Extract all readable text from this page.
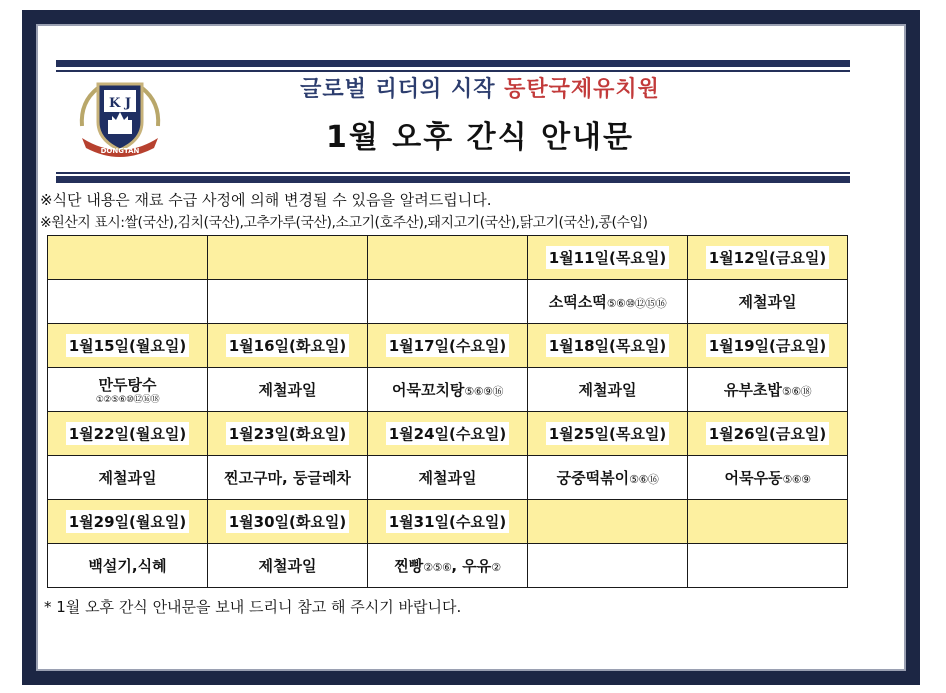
K J
DONGTAN
글로벌 리더의 시작 동탄국제유치원
1월 오후 간식 안내문
※식단 내용은 재료 수급 사정에 의해 변경될 수 있음을 알려드립니다.
※원산지 표시:쌀(국산),김치(국산),고추가루(국산),소고기(호주산),돼지고기(국산),닭고기(국산),콩(수입)
			1월11일(목요일)	1월12일(금요일)
			소떡소떡⑤⑥⑩⑫⑮⑯	제철과일
1월15일(월요일)	1월16일(화요일)	1월17일(수요일)	1월18일(목요일)	1월19일(금요일)
만두탕수
①②⑤⑥⑩⑫⑯⑱	제철과일	어묵꼬치탕⑤⑥⑨⑯	제철과일	유부초밥⑤⑥⑱
1월22일(월요일)	1월23일(화요일)	1월24일(수요일)	1월25일(목요일)	1월26일(금요일)
제철과일	찐고구마, 둥글레차	제철과일	궁중떡볶이⑤⑥⑯	어묵우동⑤⑥⑨
1월29일(월요일)	1월30일(화요일)	1월31일(수요일)		
백설기,식혜	제철과일	찐빵②⑤⑥, 우유②		
* 1월 오후 간식 안내문을 보내 드리니 참고 해 주시기 바랍니다.
